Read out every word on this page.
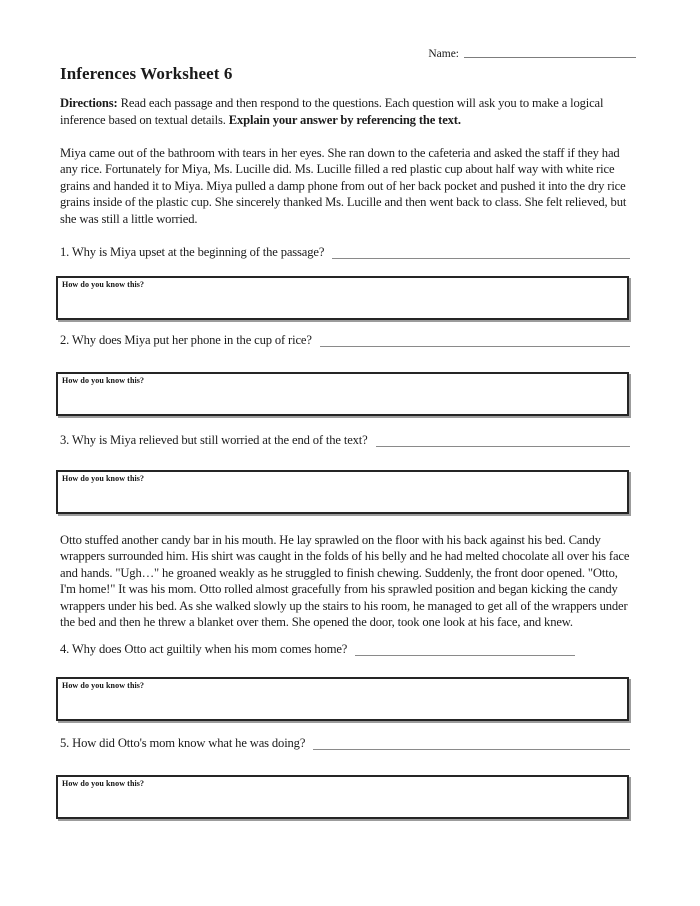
Name:
Inferences Worksheet 6

Directions: Read each passage and then respond to the questions. Each question will ask you to make a logical inference based on textual details. Explain your answer by referencing the text.

Miya came out of the bathroom with tears in her eyes. She ran down to the cafeteria and asked the staff if they had any rice. Fortunately for Miya, Ms. Lucille did. Ms. Lucille filled a red plastic cup about half way with white rice grains and handed it to Miya. Miya pulled a damp phone from out of her back pocket and pushed it into the dry rice grains inside of the plastic cup. She sincerely thanked Ms. Lucille and then went back to class. She felt relieved, but she was still a little worried.

1. Why is Miya upset at the beginning of the passage?
How do you know this?
2. Why does Miya put her phone in the cup of rice?
How do you know this?
3. Why is Miya relieved but still worried at the end of the text?
How do you know this?

Otto stuffed another candy bar in his mouth. He lay sprawled on the floor with his back against his bed. Candy wrappers surrounded him. His shirt was caught in the folds of his belly and he had melted chocolate all over his face and hands. "Ugh…" he groaned weakly as he struggled to finish chewing. Suddenly, the front door opened. "Otto, I'm home!" It was his mom. Otto rolled almost gracefully from his sprawled position and began kicking the candy wrappers under his bed. As she walked slowly up the stairs to his room, he managed to get all of the wrappers under the bed and then he threw a blanket over them. She opened the door, took one look at his face, and knew.

4. Why does Otto act guiltily when his mom comes home?
How do you know this?
5. How did Otto's mom know what he was doing?
How do you know this?
